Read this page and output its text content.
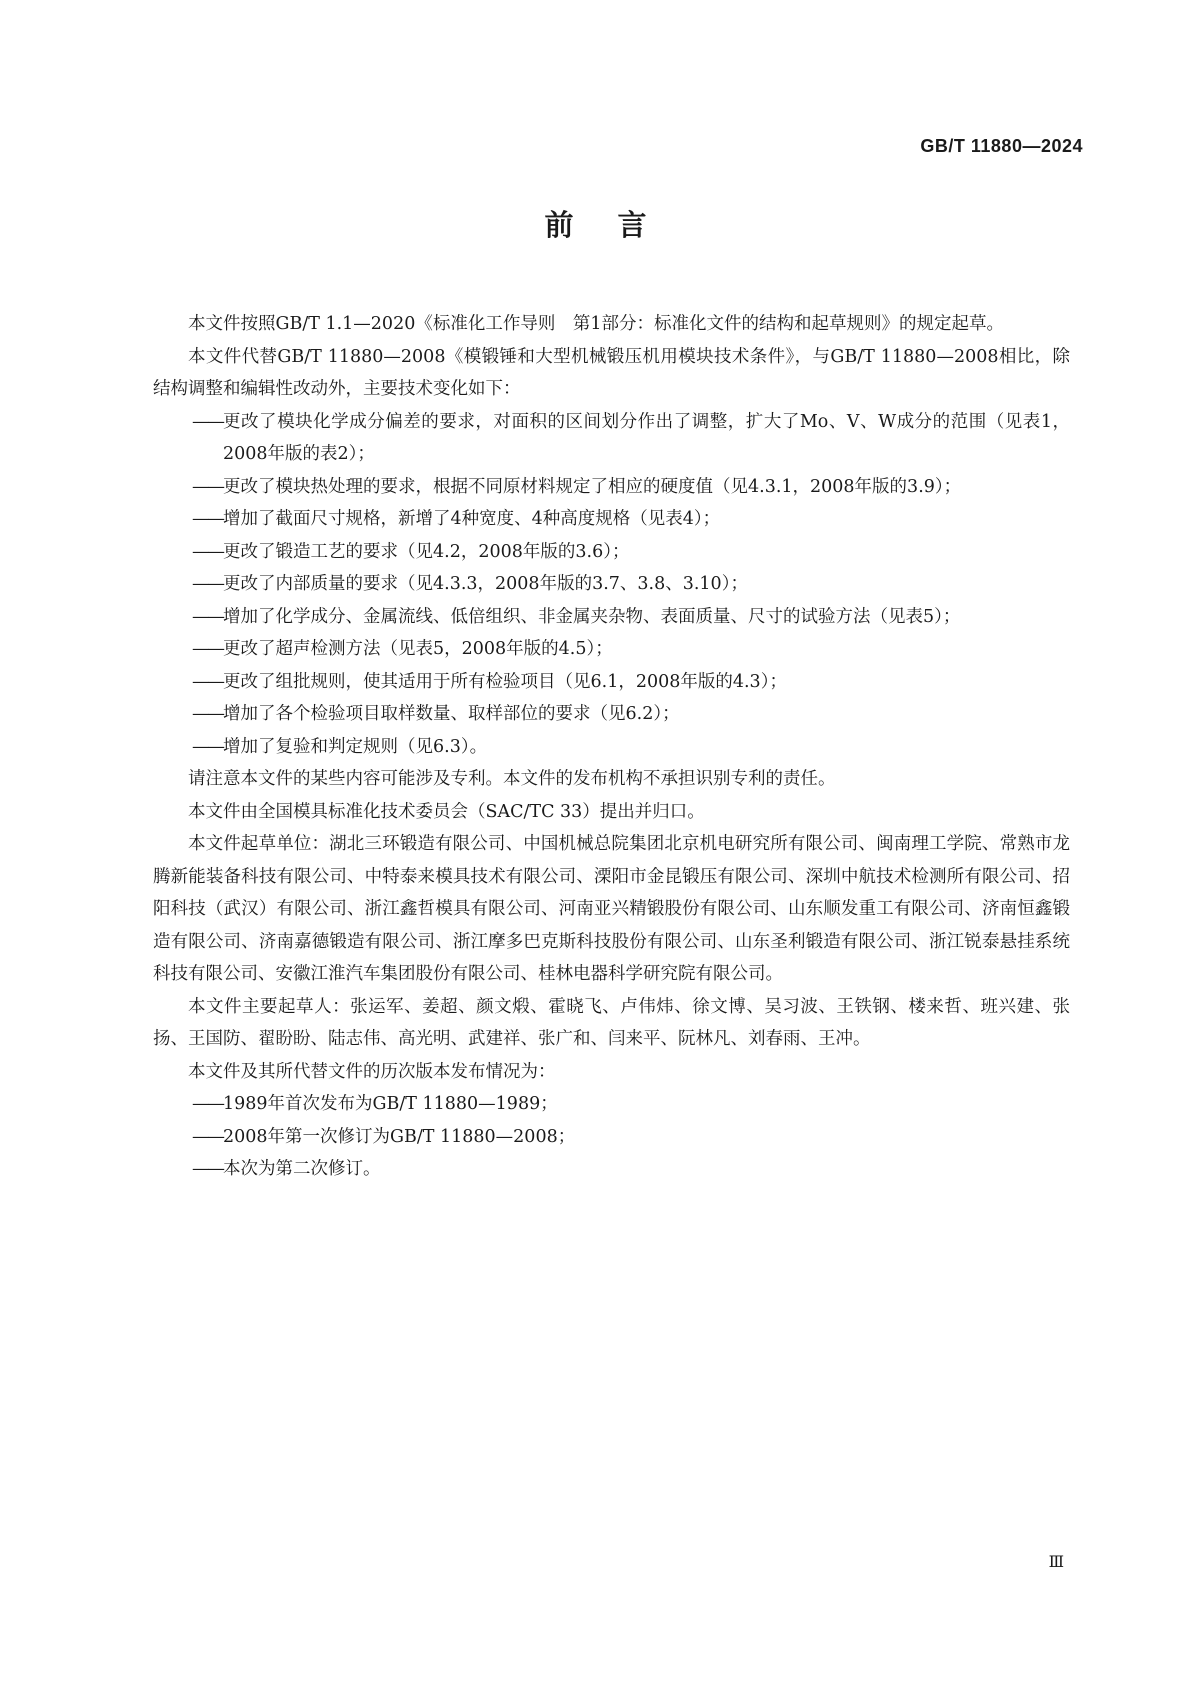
GB/T 11880—2024
前言

本文件按照GB/T 1.1—2020《标准化工作导则　第1部分：标准化文件的结构和起草规则》的规定起草。

本文件代替GB/T 11880—2008《模锻锤和大型机械锻压机用模块技术条件》，与GB/T 11880—2008相比，除结构调整和编辑性改动外，主要技术变化如下：

—— 更改了模块化学成分偏差的要求，对面积的区间划分作出了调整，扩大了Mo、V、W成分的范围（见表1，2008年版的表2）；

—— 更改了模块热处理的要求，根据不同原材料规定了相应的硬度值（见4.3.1，2008年版的3.9）；

—— 增加了截面尺寸规格，新增了4种宽度、4种高度规格（见表4）；

—— 更改了锻造工艺的要求（见4.2，2008年版的3.6）；

—— 更改了内部质量的要求（见4.3.3，2008年版的3.7、3.8、3.10）；

—— 增加了化学成分、金属流线、低倍组织、非金属夹杂物、表面质量、尺寸的试验方法（见表5）；

—— 更改了超声检测方法（见表5，2008年版的4.5）；

—— 更改了组批规则，使其适用于所有检验项目（见6.1，2008年版的4.3）；

—— 增加了各个检验项目取样数量、取样部位的要求（见6.2）；

—— 增加了复验和判定规则（见6.3）。

请注意本文件的某些内容可能涉及专利。本文件的发布机构不承担识别专利的责任。

本文件由全国模具标准化技术委员会（SAC/TC 33）提出并归口。

本文件起草单位：湖北三环锻造有限公司、中国机械总院集团北京机电研究所有限公司、闽南理工学院、常熟市龙腾新能装备科技有限公司、中特泰来模具技术有限公司、溧阳市金昆锻压有限公司、深圳中航技术检测所有限公司、招阳科技（武汉）有限公司、浙江鑫哲模具有限公司、河南亚兴精锻股份有限公司、山东顺发重工有限公司、济南恒鑫锻造有限公司、济南嘉德锻造有限公司、浙江摩多巴克斯科技股份有限公司、山东圣利锻造有限公司、浙江锐泰悬挂系统科技有限公司、安徽江淮汽车集团股份有限公司、桂林电器科学研究院有限公司。

本文件主要起草人：张运军、姜超、颜文煅、霍晓飞、卢伟炜、徐文博、吴习波、王铁钢、楼来哲、班兴建、张扬、王国防、翟盼盼、陆志伟、高光明、武建祥、张广和、闫来平、阮林凡、刘春雨、王冲。

本文件及其所代替文件的历次版本发布情况为：

—— 1989年首次发布为GB/T 11880—1989；

—— 2008年第一次修订为GB/T 11880—2008；

—— 本次为第二次修订。

Ⅲ
